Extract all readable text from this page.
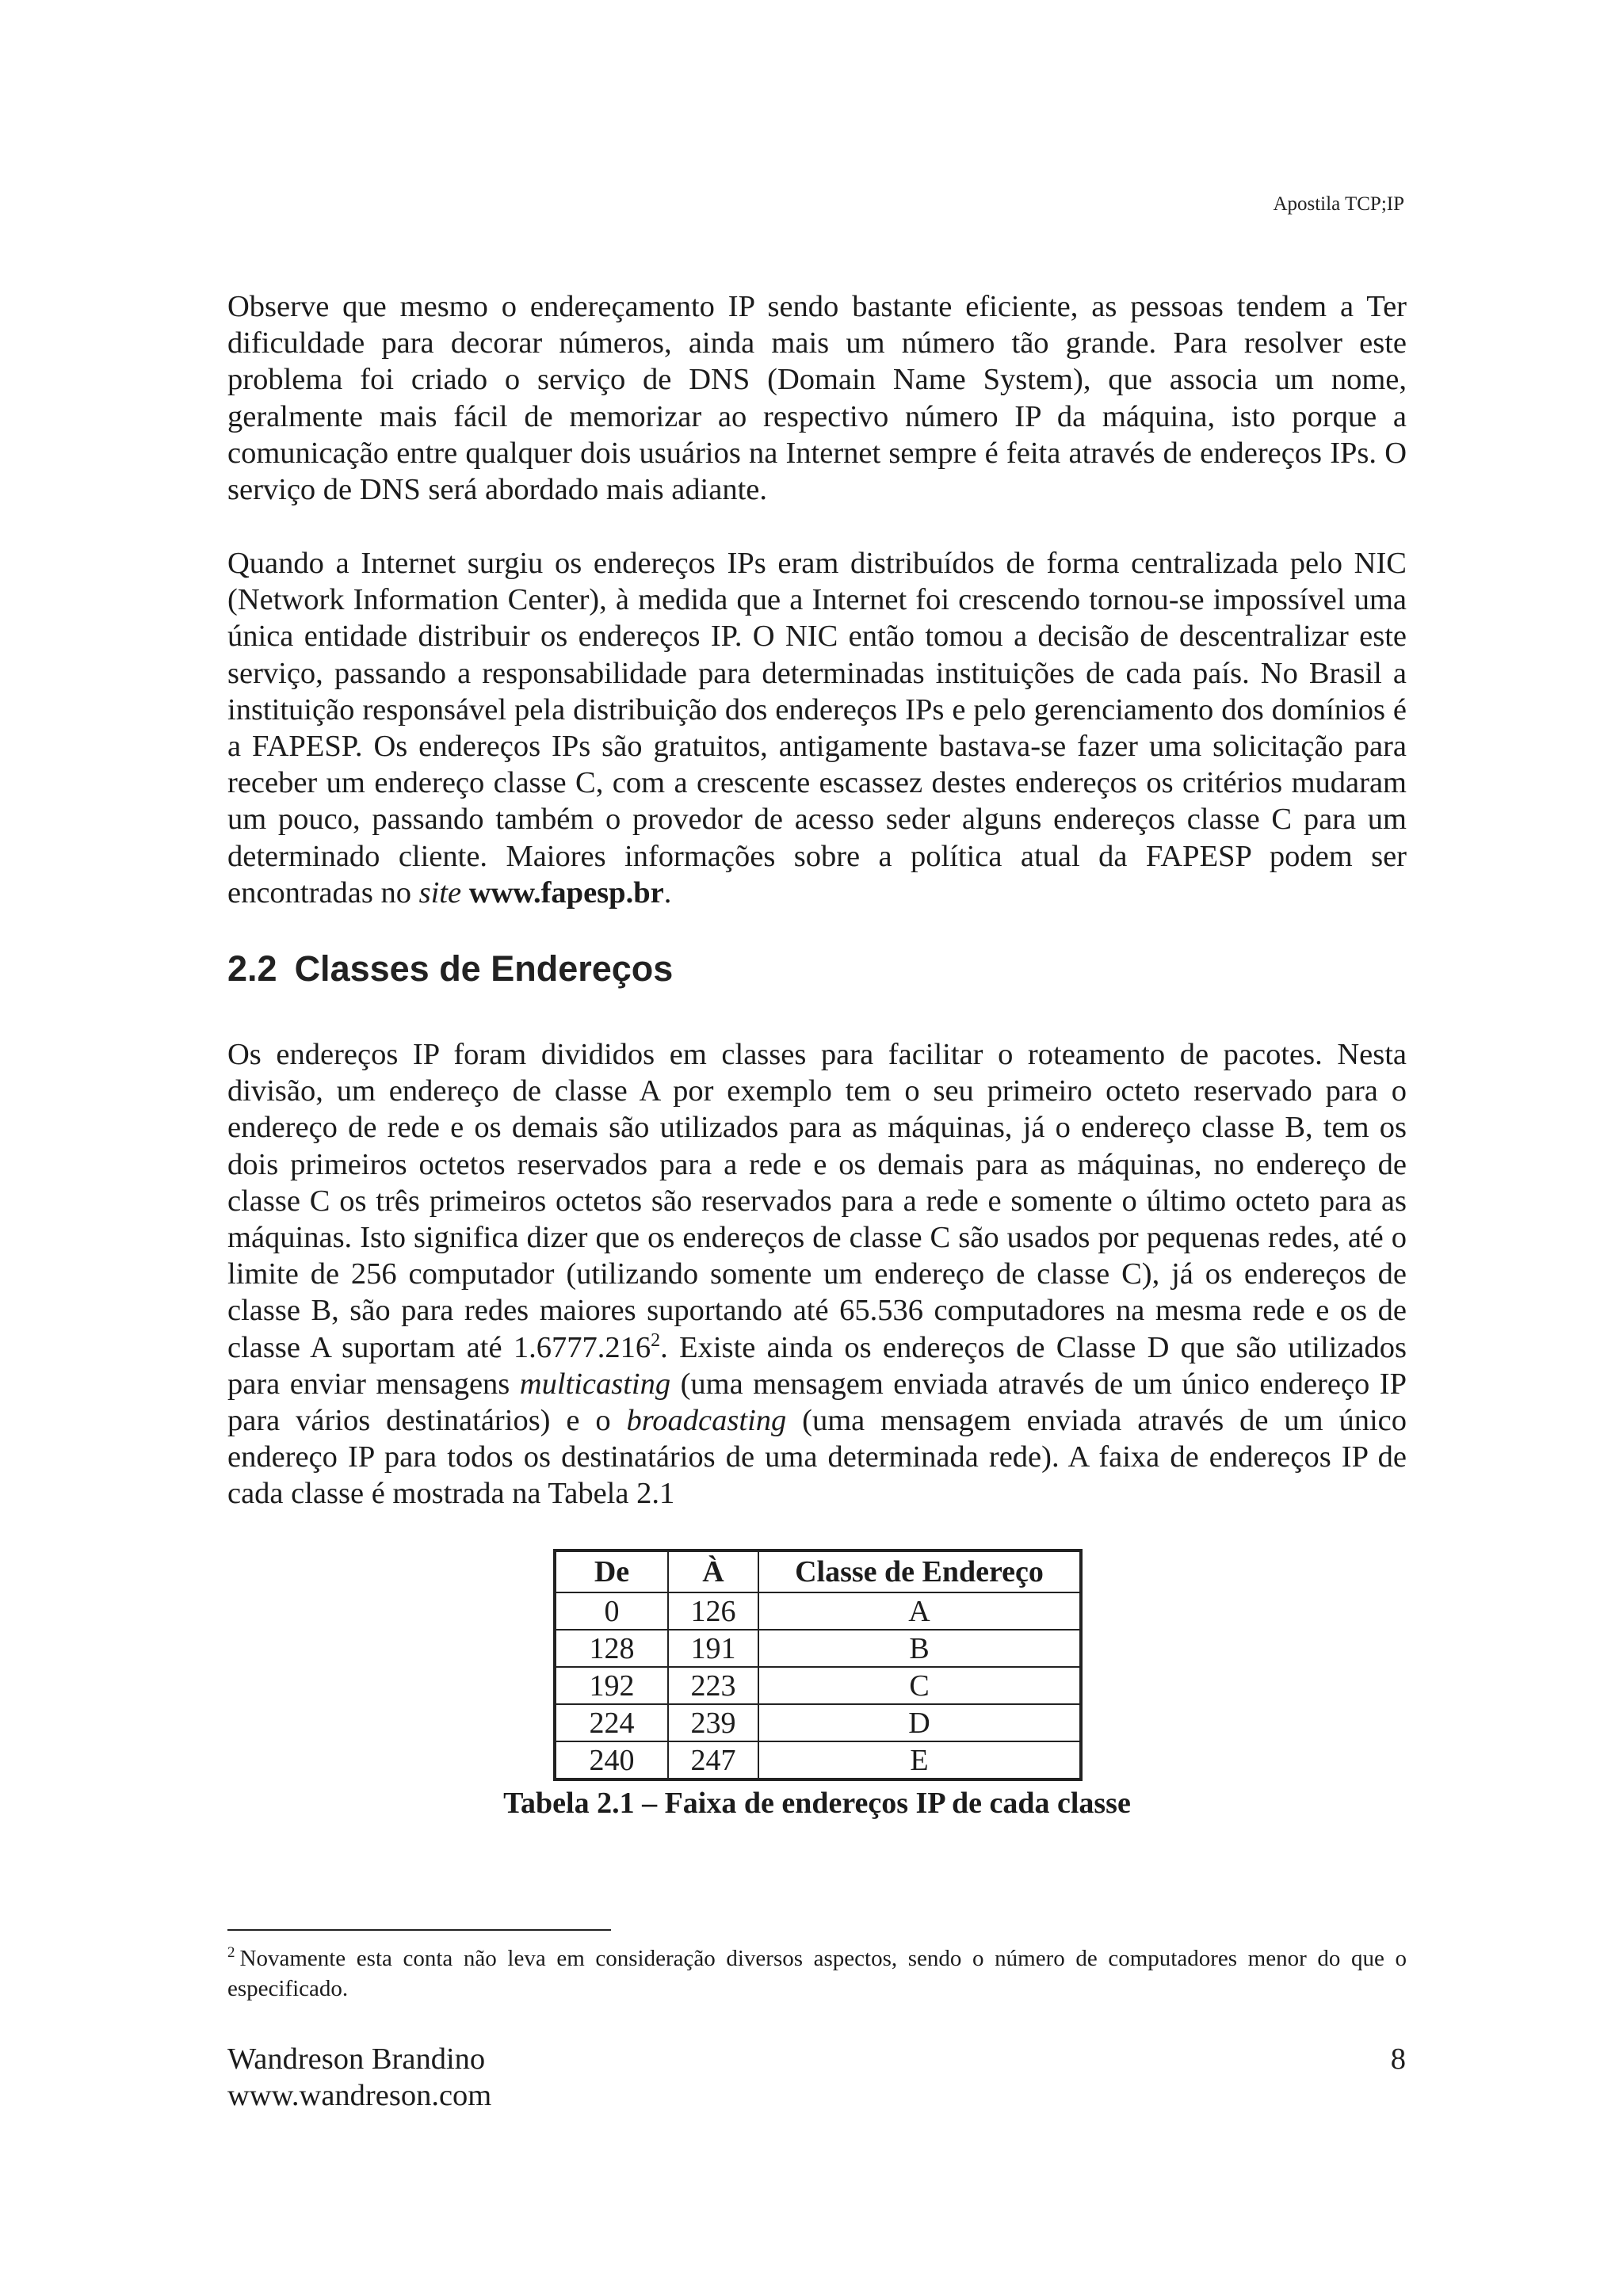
Apostila TCP;IP

Observe que mesmo o endereçamento IP sendo bastante eficiente, as pessoas tendem a Ter dificuldade para decorar números, ainda mais um número tão grande. Para resolver este problema foi criado o serviço de DNS (Domain Name System), que associa um nome, geralmente mais fácil de memorizar ao respectivo número IP da máquina, isto porque a comunicação entre qualquer dois usuários na Internet sempre é feita através de endereços IPs. O serviço de DNS será abordado mais adiante.

Quando a Internet surgiu os endereços IPs eram distribuídos de forma centralizada pelo NIC (Network Information Center), à medida que a Internet foi crescendo tornou-se impossível uma única entidade distribuir os endereços IP. O NIC então tomou a decisão de descentralizar este serviço, passando a responsabilidade para determinadas instituições de cada país. No Brasil a instituição responsável pela distribuição dos endereços IPs e pelo gerenciamento dos domínios é a FAPESP. Os endereços IPs são gratuitos, antigamente bastava-se fazer uma solicitação para receber um endereço classe C, com a crescente escassez destes endereços os critérios mudaram um pouco, passando também o provedor de acesso seder alguns endereços classe C para um determinado cliente. Maiores informações sobre a política atual da FAPESP podem ser encontradas no site www.fapesp.br.

2.2 Classes de Endereços

Os endereços IP foram divididos em classes para facilitar o roteamento de pacotes. Nesta divisão, um endereço de classe A por exemplo tem o seu primeiro octeto reservado para o endereço de rede e os demais são utilizados para as máquinas, já o endereço classe B, tem os dois primeiros octetos reservados para a rede e os demais para as máquinas, no endereço de classe C os três primeiros octetos são reservados para a rede e somente o último octeto para as máquinas. Isto significa dizer que os endereços de classe C são usados por pequenas redes, até o limite de 256 computador (utilizando somente um endereço de classe C), já os endereços de classe B, são para redes maiores suportando até 65.536 computadores na mesma rede e os de classe A suportam até 1.6777.216$^2$. Existe ainda os endereços de Classe D que são utilizados para enviar mensagens multicasting (uma mensagem enviada através de um único endereço IP para vários destinatários) e o broadcasting (uma mensagem enviada através de um único endereço IP para todos os destinatários de uma determinada rede). A faixa de endereços IP de cada classe é mostrada na Tabela 2.1

De	À	Classe de Endereço
0	126	A
128	191	B
192	223	C
224	239	D
240	247	E

Tabela 2.1 – Faixa de endereços IP de cada classe

$^2$ Novamente esta conta não leva em consideração diversos aspectos, sendo o número de computadores menor do que o especificado.

Wandreson Brandino
www.wandreson.com
8
